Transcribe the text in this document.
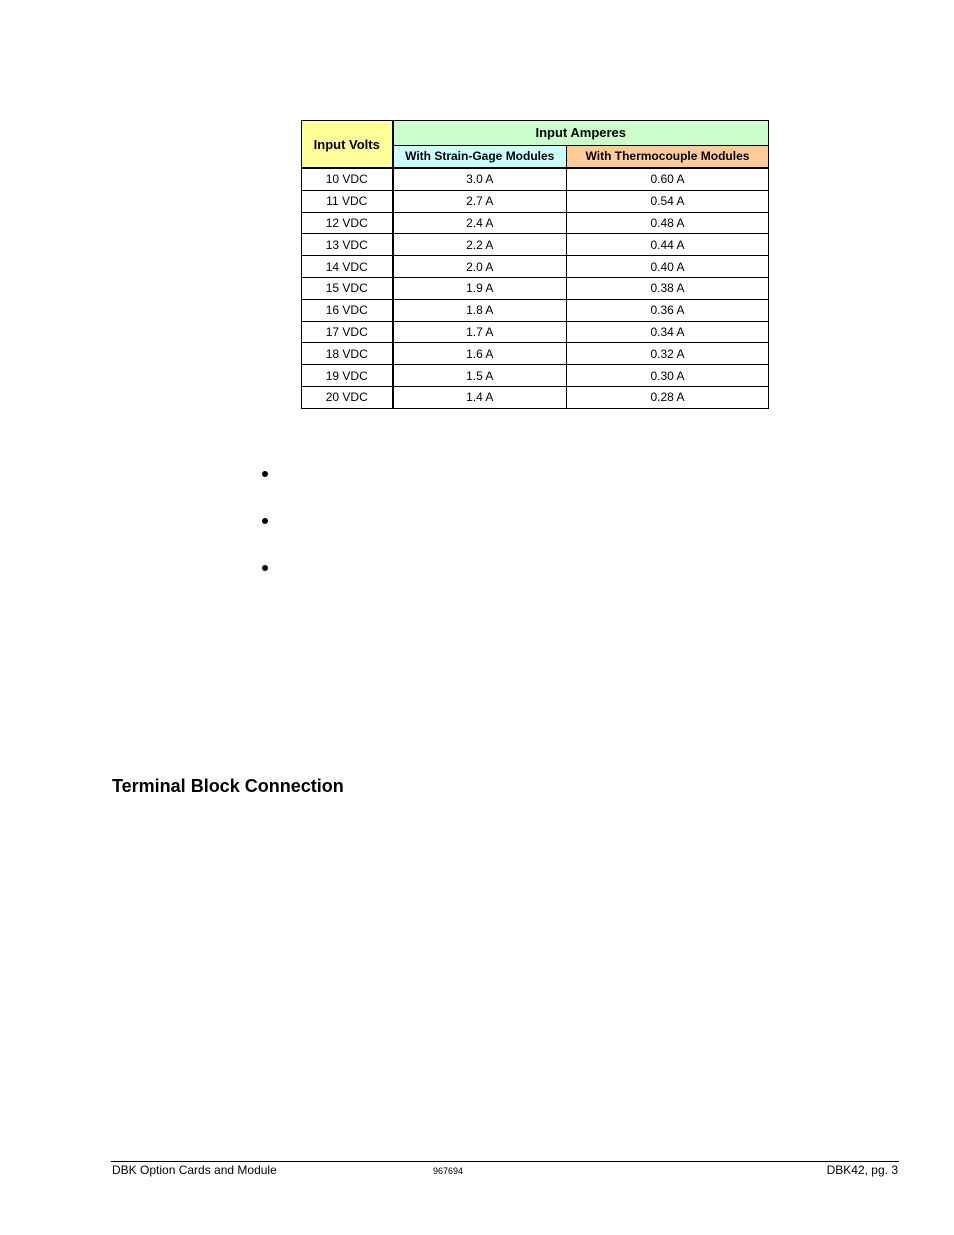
Input Volts	Input Amperes	
	With Strain-Gage Modules	With Thermocouple Modules
10 VDC	3.0 A	0.60 A
11 VDC	2.7 A	0.54 A
12 VDC	2.4 A	0.48 A
13 VDC	2.2 A	0.44 A
14 VDC	2.0 A	0.40 A
15 VDC	1.9 A	0.38 A
16 VDC	1.8 A	0.36 A
17 VDC	1.7 A	0.34 A
18 VDC	1.6 A	0.32 A
19 VDC	1.5 A	0.30 A
20 VDC	1.4 A	0.28 A
Terminal Block Connection
DBK Option Cards and Module	967694	DBK42, pg. 3
